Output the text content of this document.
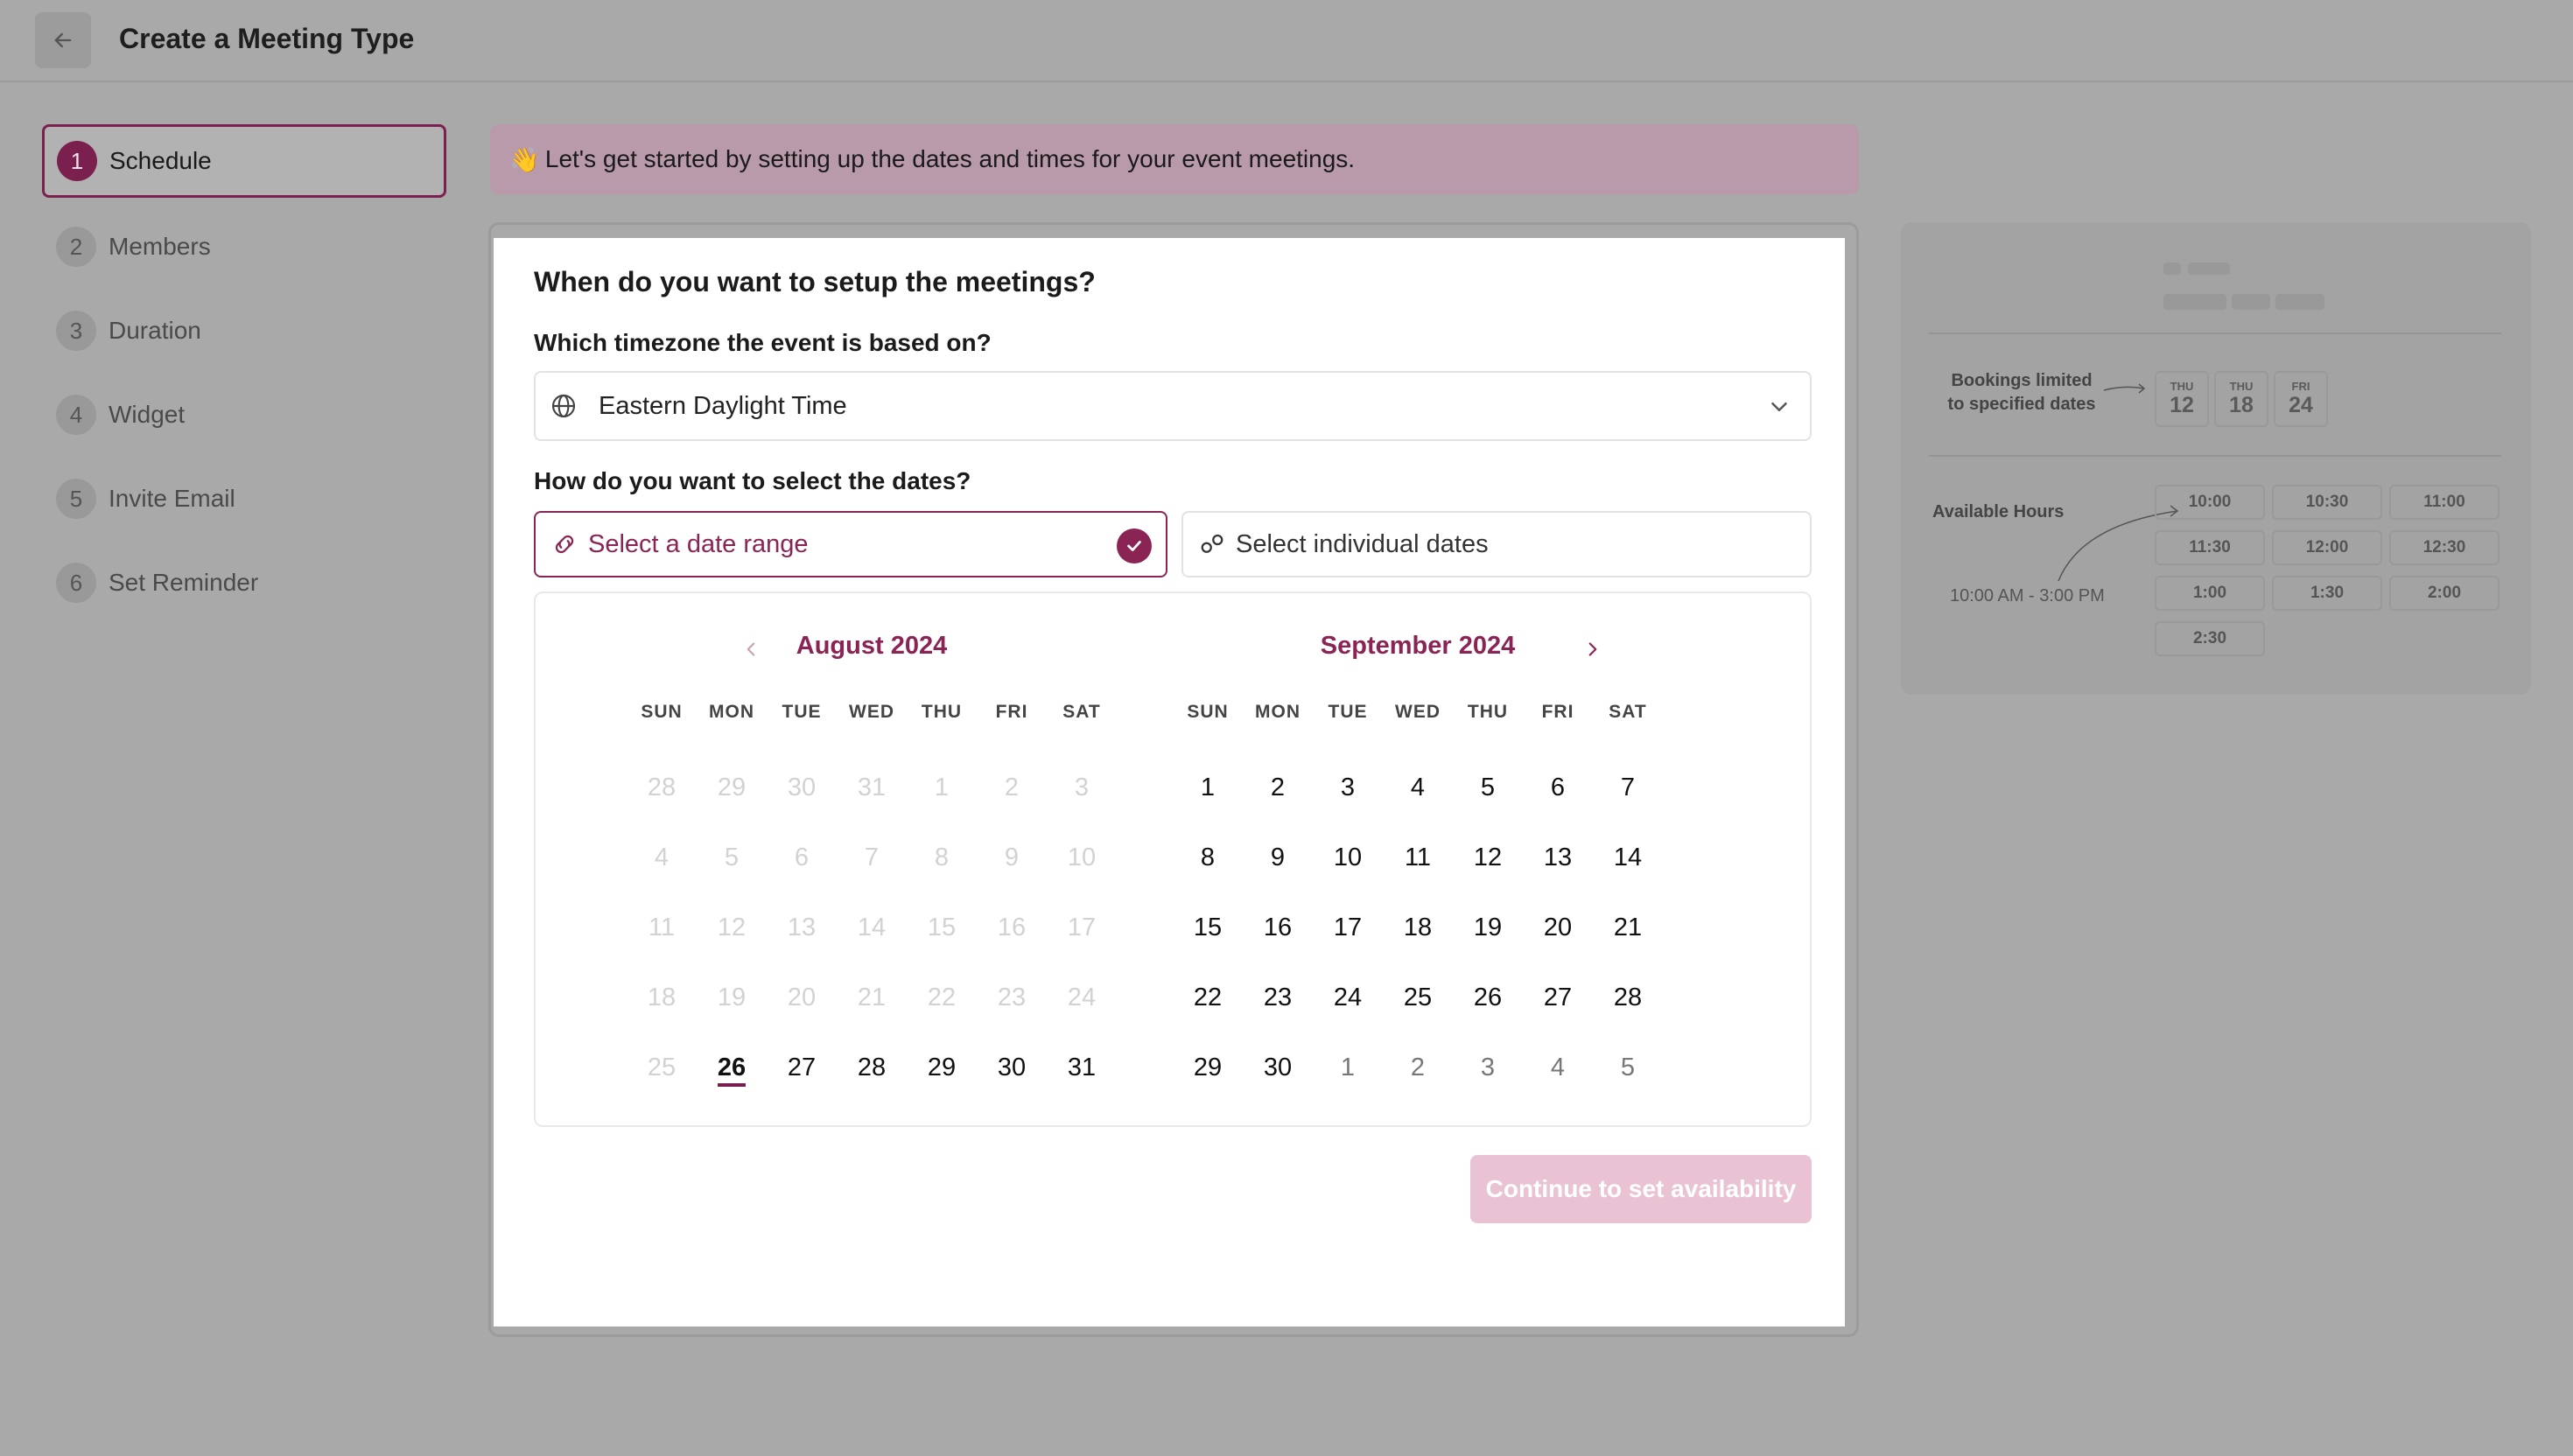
Create a Meeting Type
1	Schedule
2	Members
3	Duration
4	Widget
5	Invite Email
6	Set Reminder
👋 Let's get started by setting up the dates and times for your event meetings.
When do you want to setup the meetings?
Which timezone the event is based on?
Eastern Daylight Time
How do you want to select the dates?
Select a date range	Select individual dates
August 2024
SUN	MON	TUE	WED	THU	FRI	SAT
28	29	30	31	1	2	3
4	5	6	7	8	9	10
11	12	13	14	15	16	17
18	19	20	21	22	23	24
25	26	27	28	29	30	31
September 2024
SUN	MON	TUE	WED	THU	FRI	SAT
1	2	3	4	5	6	7
8	9	10	11	12	13	14
15	16	17	18	19	20	21
22	23	24	25	26	27	28
29	30	1	2	3	4	5
Continue to set availability
Bookings limited
to specified dates
THU
12
THU
18
FRI
24
Available Hours
10:00 AM - 3:00 PM
10:00	10:30	11:00
11:30	12:00	12:30
1:00	1:30	2:00
2:30
